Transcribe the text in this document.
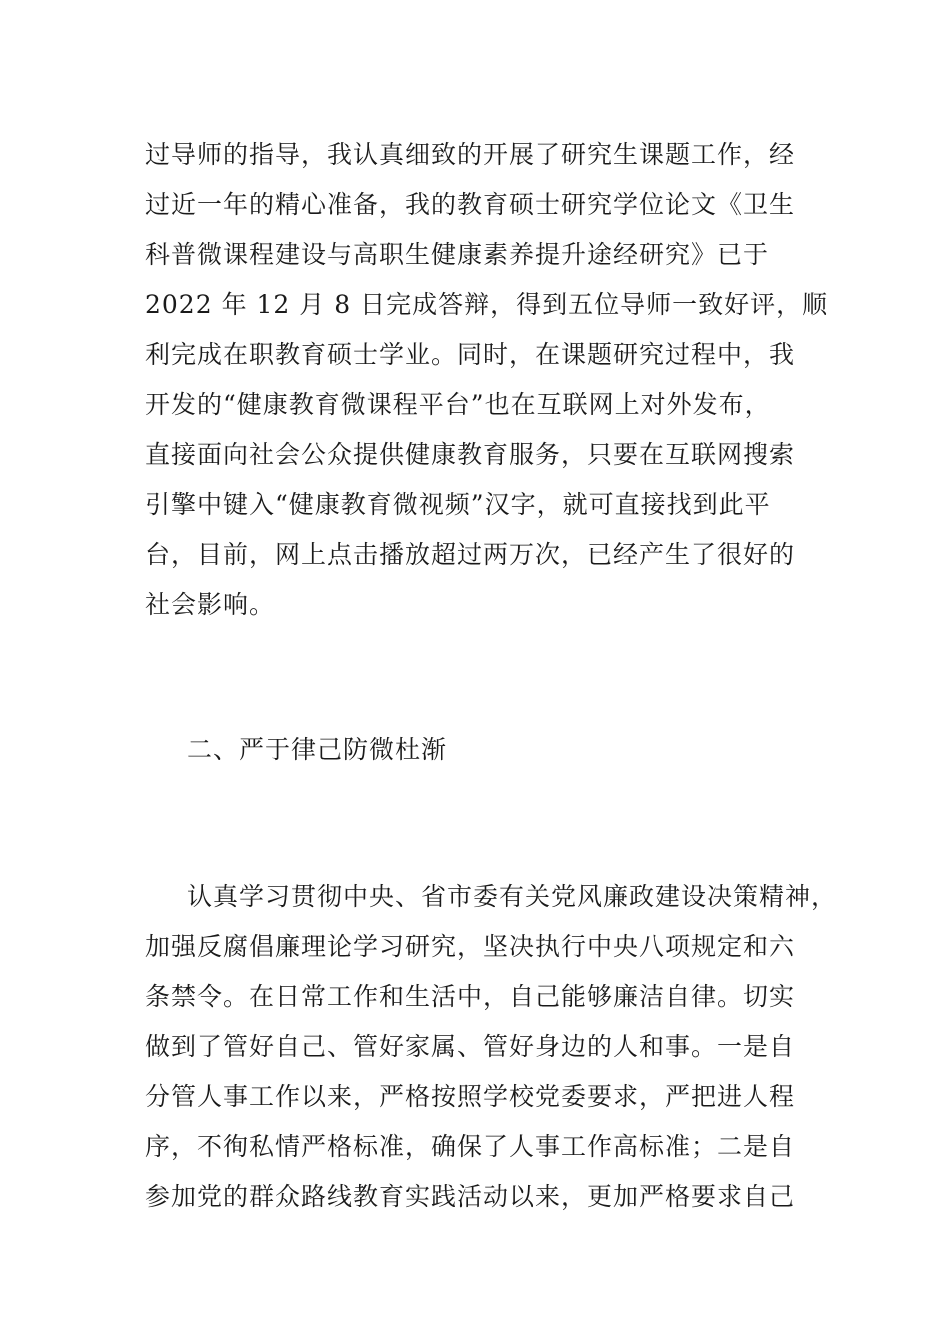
过导师的指导，我认真细致的开展了研究生课题工作，经
过近一年的精心准备，我的教育硕士研究学位论文《卫生
科普微课程建设与高职生健康素养提升途经研究》已于
2022 年 12 月 8 日完成答辩，得到五位导师一致好评，顺
利完成在职教育硕士学业。同时，在课题研究过程中，我
开发的“健康教育微课程平台”也在互联网上对外发布，
直接面向社会公众提供健康教育服务，只要在互联网搜索
引擎中键入“健康教育微视频”汉字，就可直接找到此平
台，目前，网上点击播放超过两万次，已经产生了很好的
社会影响。
二、严于律己防微杜渐
认真学习贯彻中央、省市委有关党风廉政建设决策精神，
加强反腐倡廉理论学习研究，坚决执行中央八项规定和六
条禁令。在日常工作和生活中，自己能够廉洁自律。切实
做到了管好自己、管好家属、管好身边的人和事。一是自
分管人事工作以来，严格按照学校党委要求，严把进人程
序，不徇私情严格标准，确保了人事工作高标准；二是自
参加党的群众路线教育实践活动以来，更加严格要求自己
